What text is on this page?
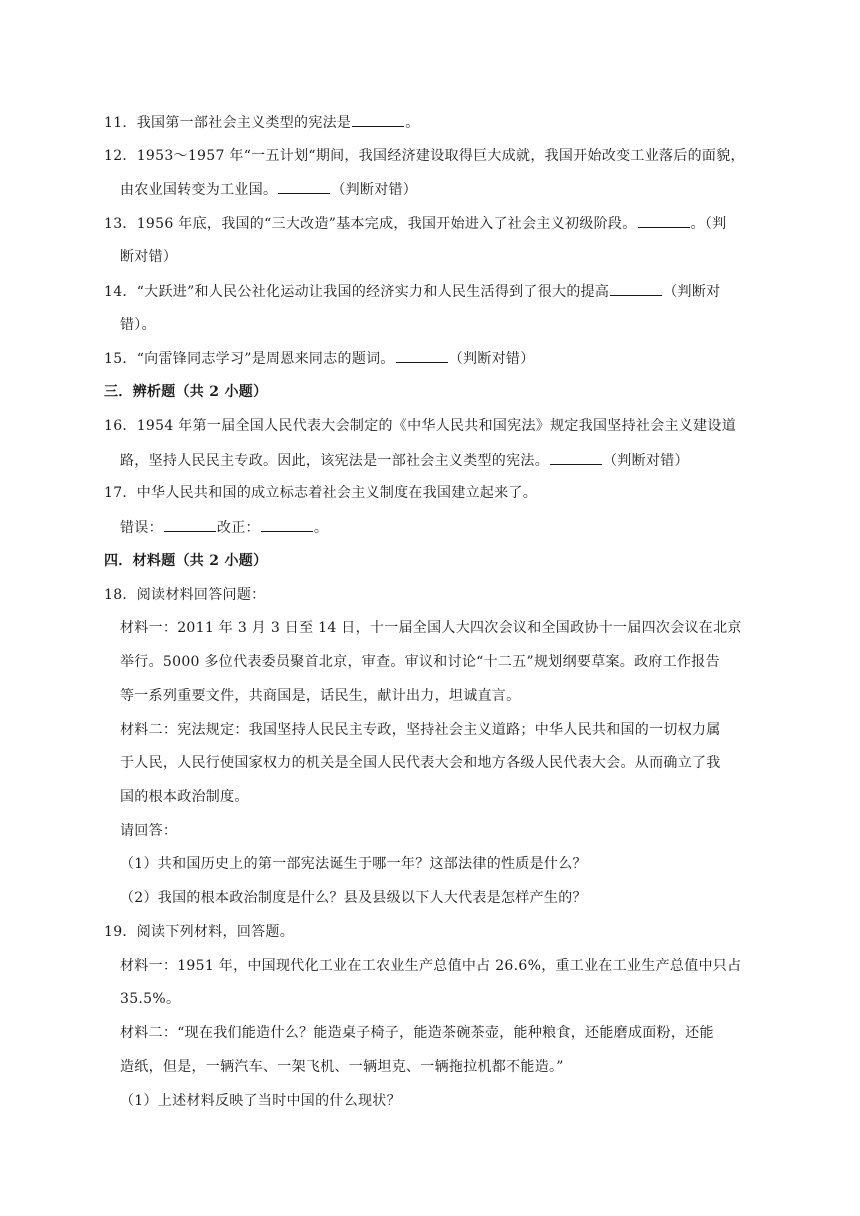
11．我国第一部社会主义类型的宪法是	。
12．1953～1957 年“一五计划“期间，我国经济建设取得巨大成就，我国开始改变工业落后的面貌，
由农业国转变为工业国。	（判断对错）
13．1956 年底，我国的“三大改造”基本完成，我国开始进入了社会主义初级阶段。	。（判
断对错）
14．“大跃进”和人民公社化运动让我国的经济实力和人民生活得到了很大的提高	（判断对
错）。
15．“向雷锋同志学习”是周恩来同志的题词。	（判断对错）
三．辨析题（共 2 小题）
16．1954 年第一届全国人民代表大会制定的《中华人民共和国宪法》规定我国坚持社会主义建设道
路，坚持人民民主专政。因此，该宪法是一部社会主义类型的宪法。	（判断对错）
17．中华人民共和国的成立标志着社会主义制度在我国建立起来了。
错误：	改正：	。
四．材料题（共 2 小题）
18．阅读材料回答问题：
材料一：2011 年 3 月 3 日至 14 日，十一届全国人大四次会议和全国政协十一届四次会议在北京
举行。5000 多位代表委员聚首北京，审查。审议和讨论“十二五”规划纲要草案。政府工作报告
等一系列重要文件，共商国是，话民生，献计出力，坦诚直言。
材料二：宪法规定：我国坚持人民民主专政，坚持社会主义道路；中华人民共和国的一切权力属
于人民，人民行使国家权力的机关是全国人民代表大会和地方各级人民代表大会。从而确立了我
国的根本政治制度。
请回答：
（1）共和国历史上的第一部宪法诞生于哪一年？这部法律的性质是什么？
（2）我国的根本政治制度是什么？县及县级以下人大代表是怎样产生的？
19．阅读下列材料，回答题。
材料一：1951 年，中国现代化工业在工农业生产总值中占 26.6%，重工业在工业生产总值中只占
35.5%。
材料二：“现在我们能造什么？能造桌子椅子，能造茶碗茶壶，能种粮食，还能磨成面粉，还能
造纸，但是，一辆汽车、一架飞机、一辆坦克、一辆拖拉机都不能造。”
（1）上述材料反映了当时中国的什么现状？
